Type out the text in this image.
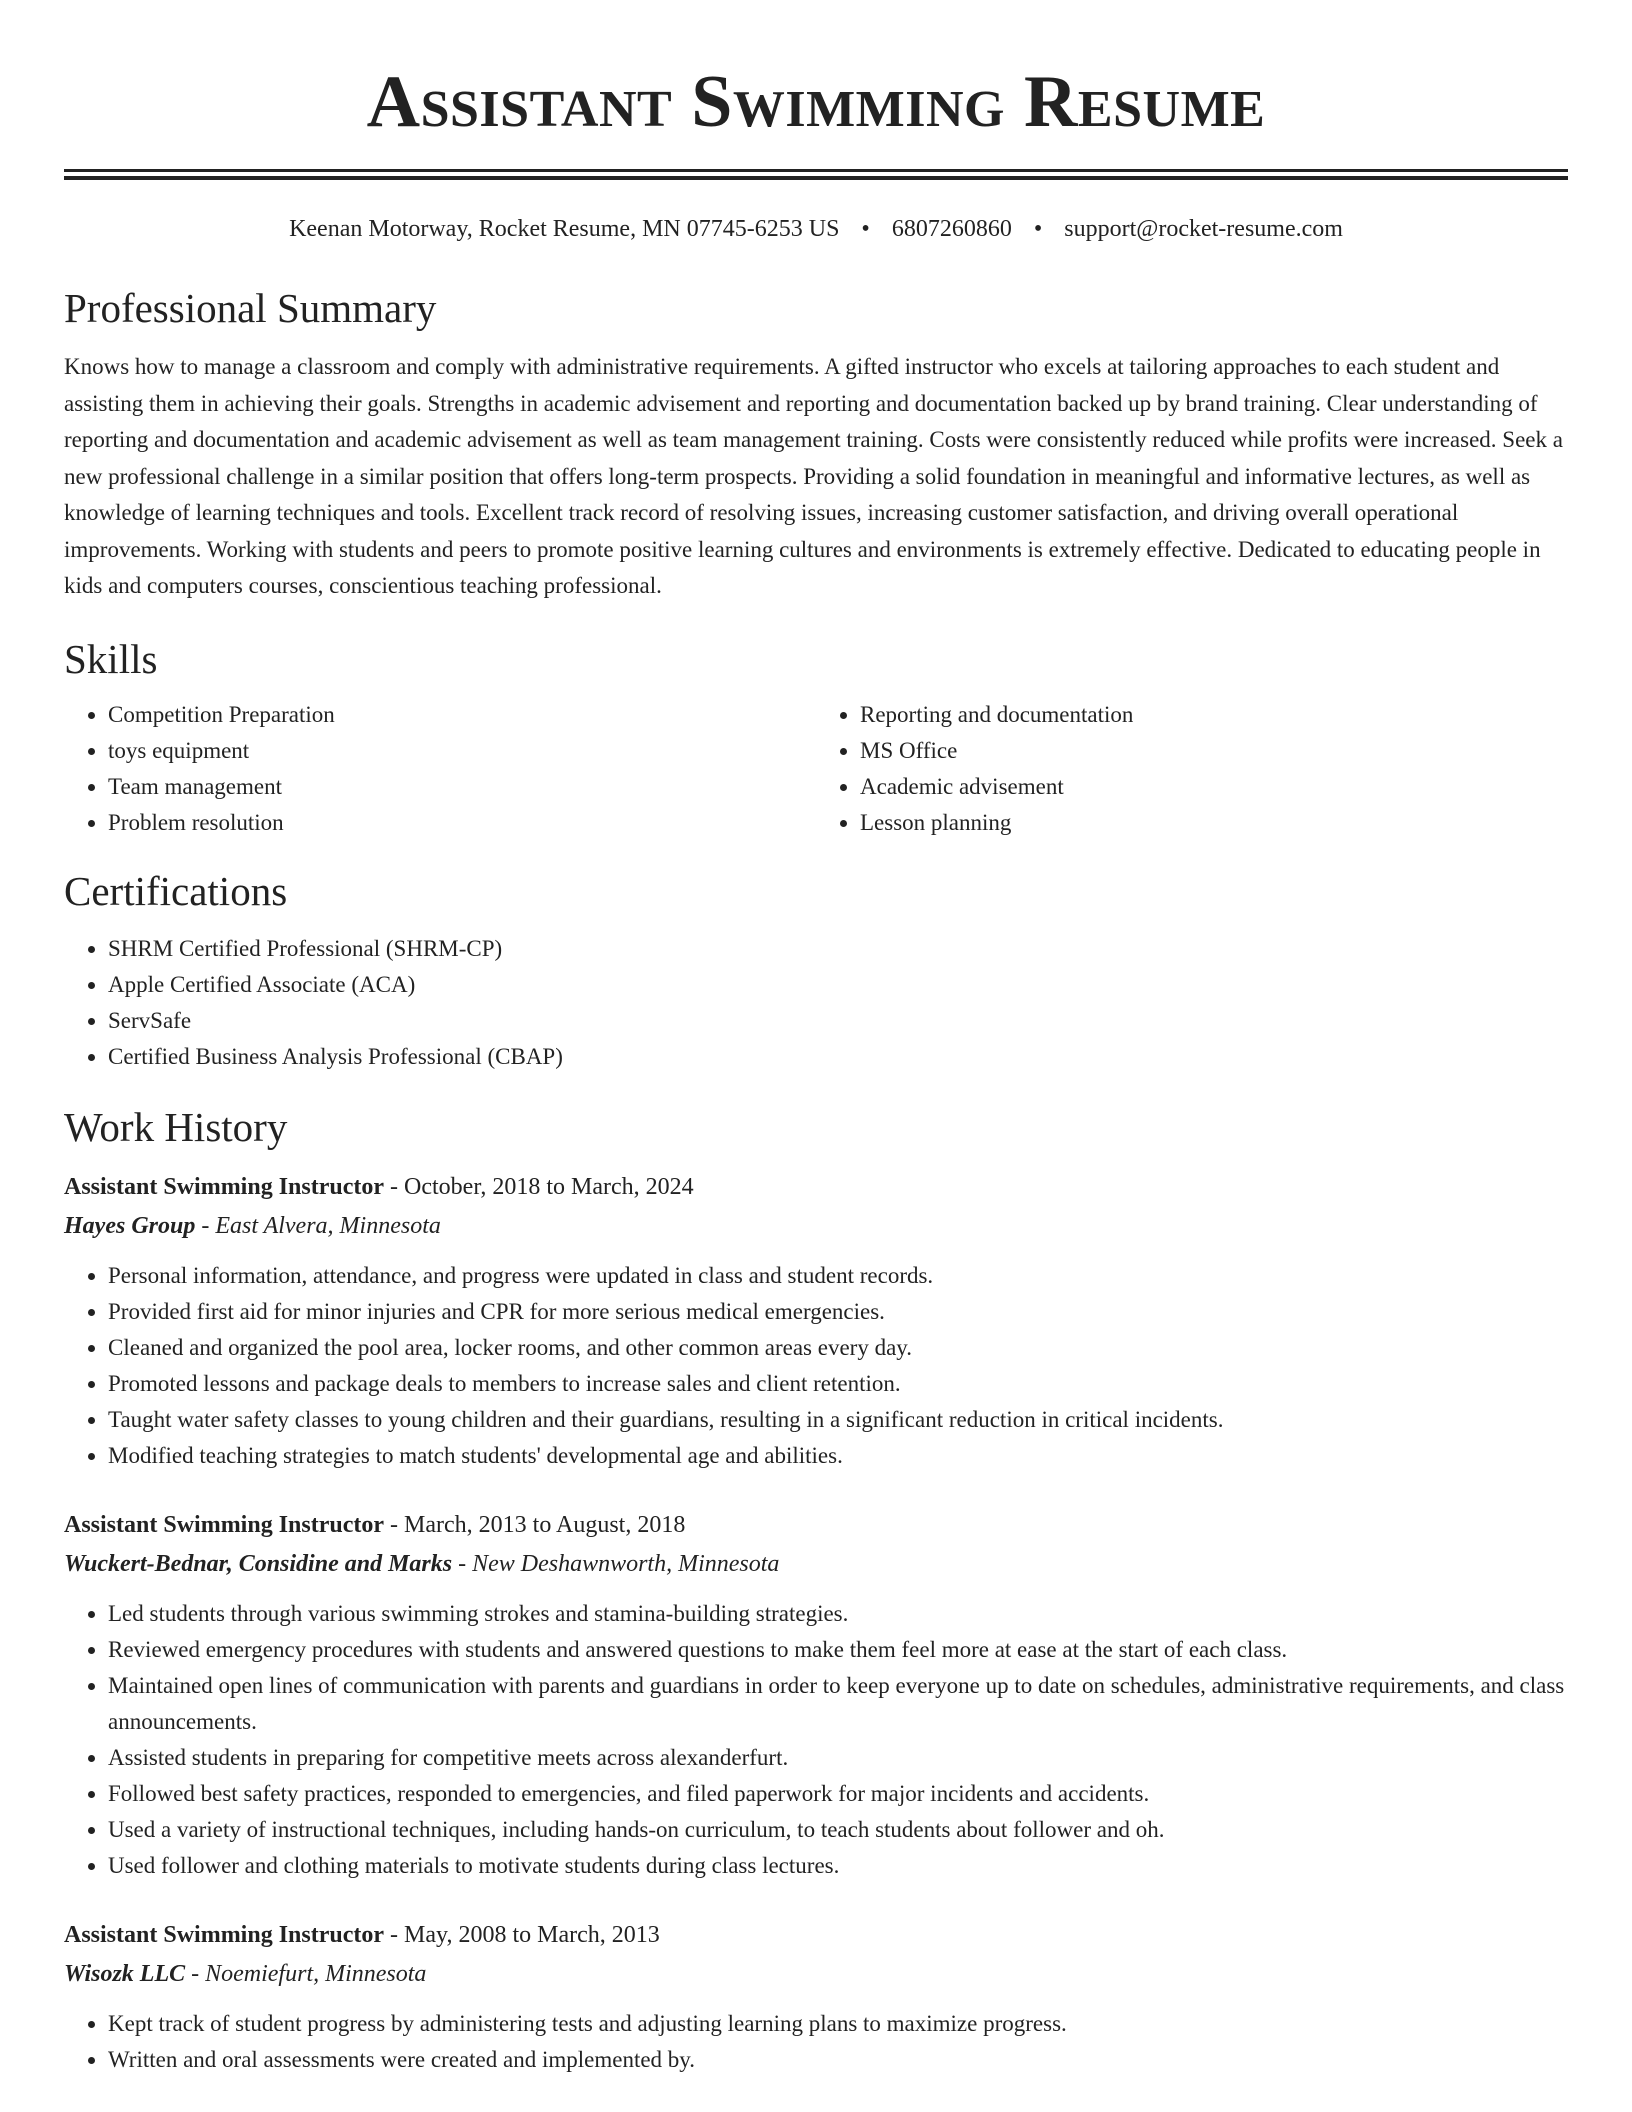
Assistant Swimming Resume
Keenan Motorway, Rocket Resume, MN 07745-6253 US • 6807260860 • support@rocket-resume.com
Professional Summary

Knows how to manage a classroom and comply with administrative requirements. A gifted instructor who excels at tailoring approaches to each student and assisting them in achieving their goals. Strengths in academic advisement and reporting and documentation backed up by brand training. Clear understanding of reporting and documentation and academic advisement as well as team management training. Costs were consistently reduced while profits were increased. Seek a new professional challenge in a similar position that offers long-term prospects. Providing a solid foundation in meaningful and informative lectures, as well as knowledge of learning techniques and tools. Excellent track record of resolving issues, increasing customer satisfaction, and driving overall operational improvements. Working with students and peers to promote positive learning cultures and environments is extremely effective. Dedicated to educating people in kids and computers courses, conscientious teaching professional.

Skills
• Competition Preparation
• toys equipment
• Team management
• Problem resolution
• Reporting and documentation
• MS Office
• Academic advisement
• Lesson planning
Certifications
• SHRM Certified Professional (SHRM-CP)
• Apple Certified Associate (ACA)
• ServSafe
• Certified Business Analysis Professional (CBAP)
Work History
Assistant Swimming Instructor - October, 2018 to March, 2024
Hayes Group - East Alvera, Minnesota
• Personal information, attendance, and progress were updated in class and student records.
• Provided first aid for minor injuries and CPR for more serious medical emergencies.
• Cleaned and organized the pool area, locker rooms, and other common areas every day.
• Promoted lessons and package deals to members to increase sales and client retention.
• Taught water safety classes to young children and their guardians, resulting in a significant reduction in critical incidents.
• Modified teaching strategies to match students' developmental age and abilities.
Assistant Swimming Instructor - March, 2013 to August, 2018
Wuckert-Bednar, Considine and Marks - New Deshawnworth, Minnesota
• Led students through various swimming strokes and stamina-building strategies.
• Reviewed emergency procedures with students and answered questions to make them feel more at ease at the start of each class.
• Maintained open lines of communication with parents and guardians in order to keep everyone up to date on schedules, administrative requirements, and class announcements.
• Assisted students in preparing for competitive meets across alexanderfurt.
• Followed best safety practices, responded to emergencies, and filed paperwork for major incidents and accidents.
• Used a variety of instructional techniques, including hands-on curriculum, to teach students about follower and oh.
• Used follower and clothing materials to motivate students during class lectures.
Assistant Swimming Instructor - May, 2008 to March, 2013
Wisozk LLC - Noemiefurt, Minnesota
• Kept track of student progress by administering tests and adjusting learning plans to maximize progress.
• Written and oral assessments were created and implemented by.
